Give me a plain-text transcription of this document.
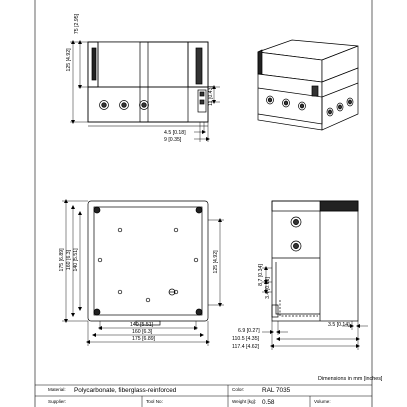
125 [4.92]
75 [2.95]
11 [0.43]
4.5 [0.18]
9 [0.35]
175 [6.89] 160 [6.3] 140 [5.51]	125 [4.92]
140 [5.51]
160 [6.3]
175 [6.89]
8.7 [0.34]
3.4 [0.13]
3.5 [0.14]
6.9 [0.27]
110.5 [4.35]
117.4 [4.62]
Dimensions in mm [inches]
Material: Polycarbonate, fiberglass-reinforced	Color:	RAL 7035
Supplier:	Tool No:	Weight [kg]: 0.58	Volume:
